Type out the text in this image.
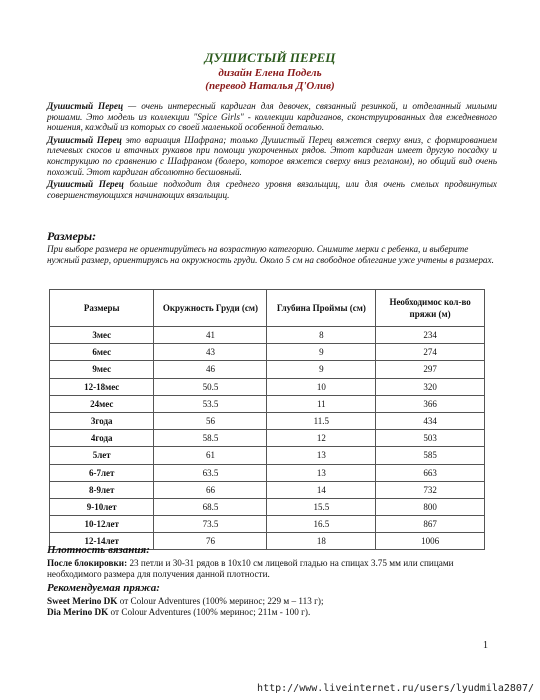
ДУШИСТЫЙ ПЕРЕЦ
дизайн Елена Подель
(перевод Наталья Д'Олив)

Душистый Перец — очень интересный кардиган для девочек, связанный резинкой, и отделанный милыми рюшами. Это модель из коллекции "Spice Girls" - коллекции кардиганов, сконструированных для ежедневного ношения, каждый из которых со своей маленькой особенной деталью.

Душистый Перец это вариация Шафрана; только Душистый Перец вяжется сверху вниз, с формированием плечевых скосов и втачных рукавов при помощи укороченных рядов. Этот кардиган имеет другую посадку и конструкцию по сравнению с Шафраном (болеро, которое вяжется сверху вниз регланом), но общий вид очень похожий. Этот кардиган абсолютно бесшовный.

Душистый Перец больше подходит для среднего уровня вязальщиц, или для очень смелых продвинутых совершенствующихся начинающих вязальщиц.

Размеры:
При выборе размера не ориентируйтесь на возрастную категорию. Снимите мерки с ребенка, и выберите нужный размер, ориентируясь на окружность груди. Около 5 см на свободное облегание уже учтены в размерах.
Размеры	Окружность Груди (см)	Глубина Проймы (см)	Необходимос кол-во пряжи (м)
3мес	41	8	234
6мес	43	9	274
9мес	46	9	297
12-18мес	50.5	10	320
24мес	53.5	11	366
3года	56	11.5	434
4года	58.5	12	503
5лет	61	13	585
6-7лет	63.5	13	663
8-9лет	66	14	732
9-10лет	68.5	15.5	800
10-12лет	73.5	16.5	867
12-14лет	76	18	1006
Плотность вязания:
После блокировки: 23 петли и 30-31 рядов в 10х10 см лицевой гладью на спицах 3.75 мм или спицами необходимого размера для получения данной плотности.
Рекомендуемая пряжа:
Sweet Merino DK от Colour Adventures (100% меринос; 229 м – 113 г);
Dia Merino DK от Colour Adventures (100% меринос; 211м - 100 г).
1
http://www.liveinternet.ru/users/lyudmila2807/
